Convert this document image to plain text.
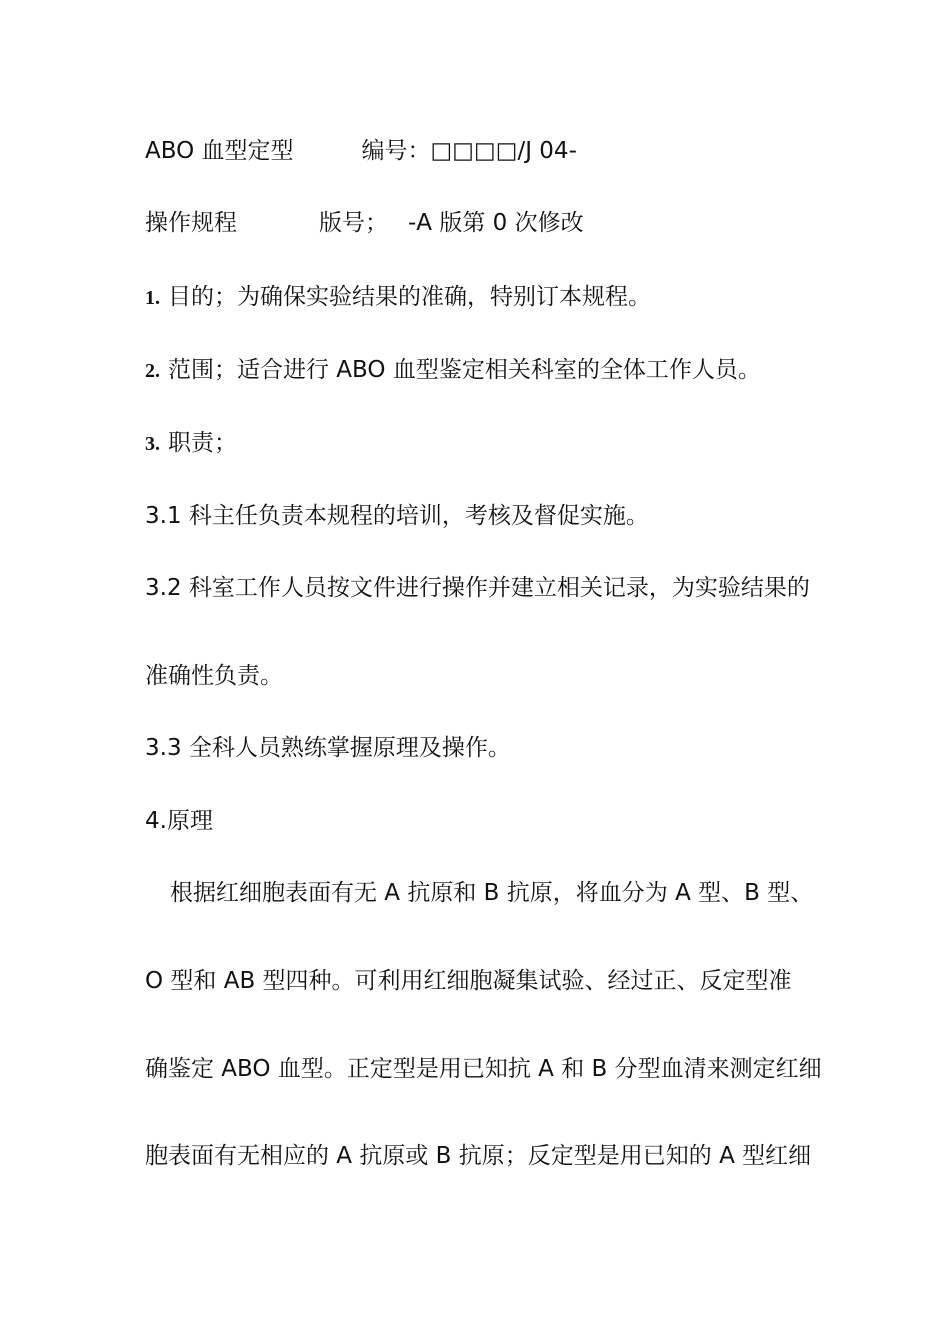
ABO 血型定型	编号：□□□□/J 04-
操作规程	版号； -A 版第 0 次修改
1. 目的；为确保实验结果的准确，特别订本规程。
2. 范围；适合进行 ABO 血型鉴定相关科室的全体工作人员。
3. 职责；
3.1 科主任负责本规程的培训，考核及督促实施。
3.2 科室工作人员按文件进行操作并建立相关记录，为实验结果的
准确性负责。
3.3 全科人员熟练掌握原理及操作。
4.原理
根据红细胞表面有无 A 抗原和 B 抗原，将血分为 A 型、B 型、
O 型和 AB 型四种。可利用红细胞凝集试验、经过正、反定型准
确鉴定 ABO 血型。正定型是用已知抗 A 和 B 分型血清来测定红细
胞表面有无相应的 A 抗原或 B 抗原；反定型是用已知的 A 型红细
